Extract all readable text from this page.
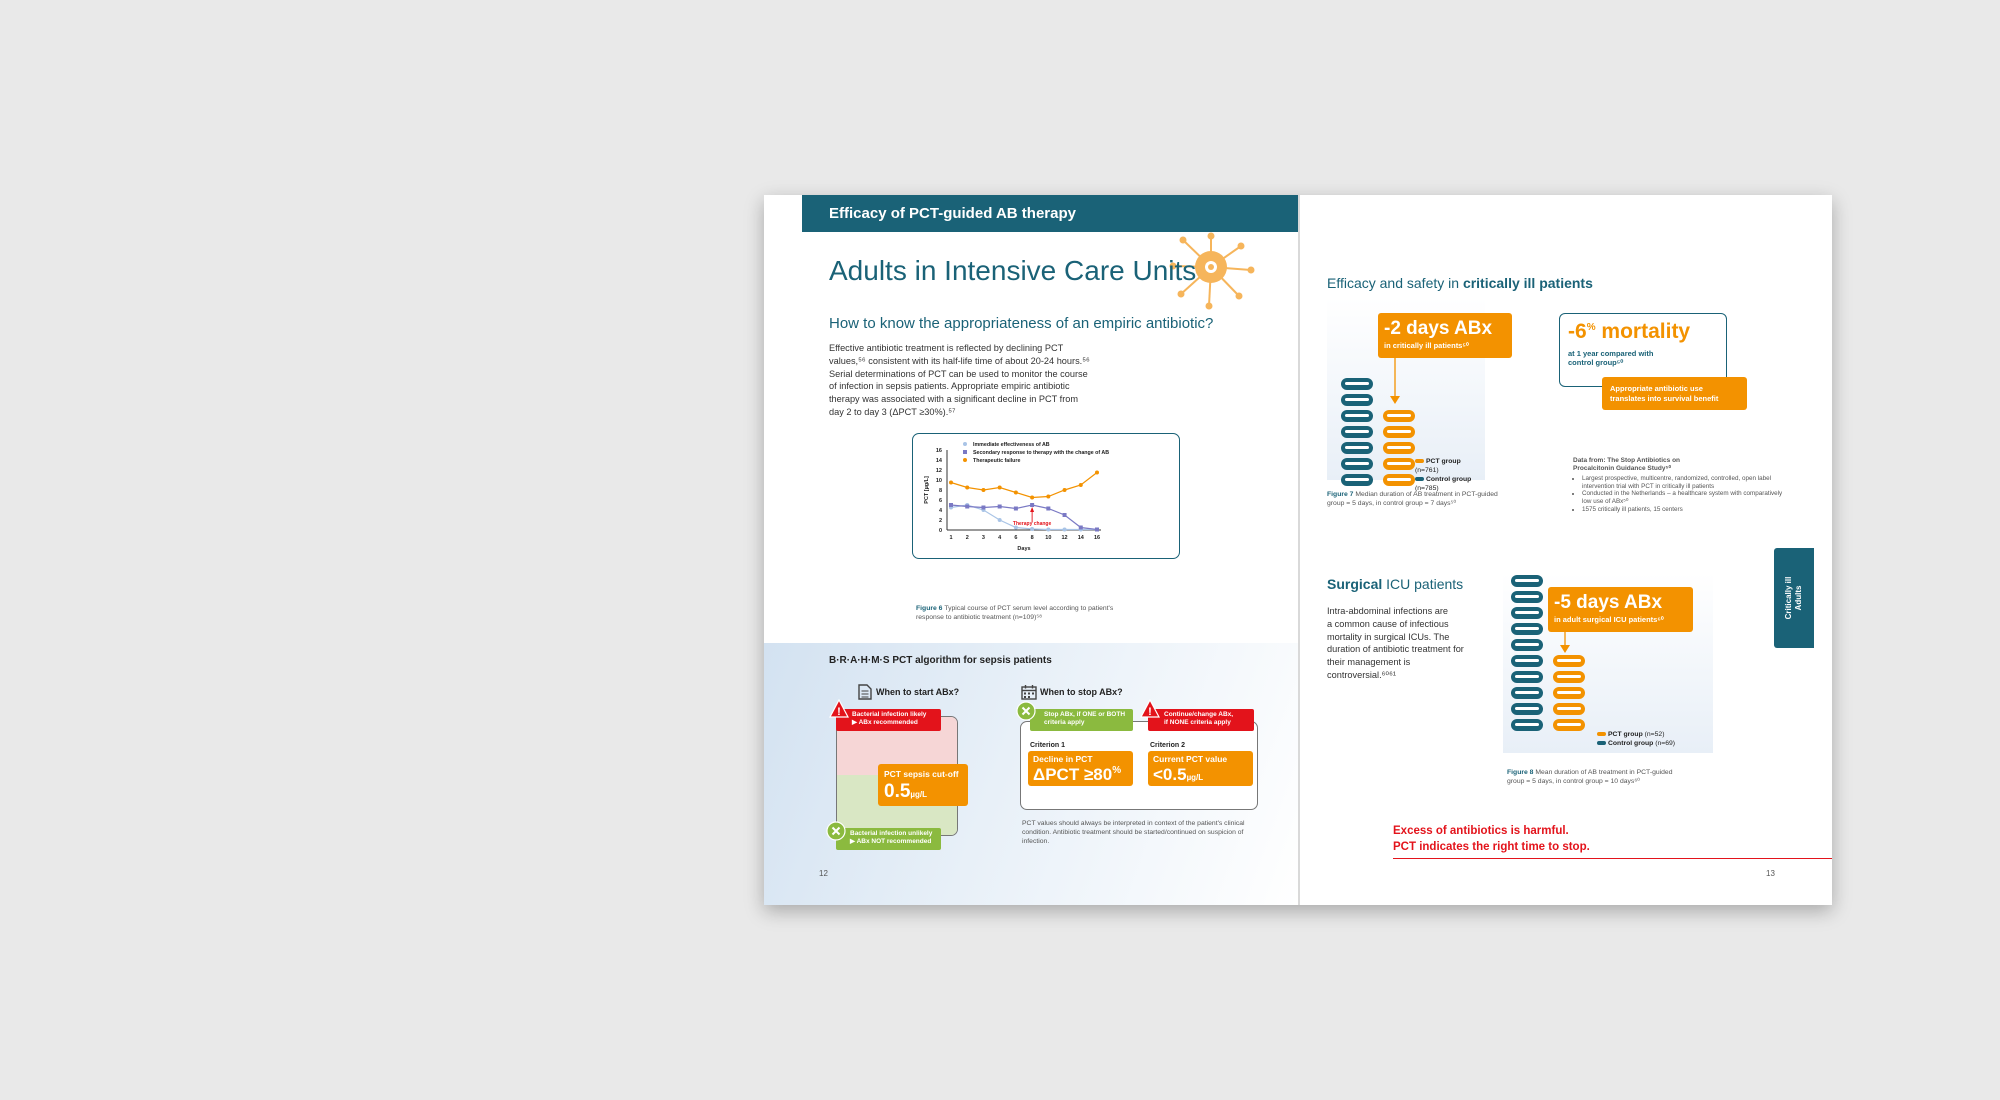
Efficacy of PCT-guided AB therapy
Adults in Intensive Care Units
How to know the appropriateness of an empiric antibiotic?
Effective antibiotic treatment is reflected by declining PCT
values,⁵⁶ consistent with its half-life time of about 20-24 hours.⁵⁶
Serial determinations of PCT can be used to monitor the course
of infection in sepsis patients. Appropriate empiric antibiotic
therapy was associated with a significant decline in PCT from
day 2 to day 3 (ΔPCT ≥30%).⁵⁷
0
2
4
6
8
10
12
14
16
1 2 3 4 6 8 10 12 14 16
Days
PCT [µg/L]
Immediate effectiveness of AB
Secondary response to therapy with the change of AB
Therapeutic failure
Therapy change
Figure 6 Typical course of PCT serum level according to patient's
response to antibiotic treatment (n=109)⁵⁸
B·R·A·H·M·S PCT algorithm for sepsis patients
When to start ABx?
Bacterial infection likely
▶ ABx recommended
!
PCT sepsis cut-off
0.5µg/L
Bacterial infection unlikely
▶ ABx NOT recommended
When to stop ABx?
Stop ABx, if ONE or BOTH
criteria apply
Continue/change ABx,
if NONE criteria apply
!
Criterion 1
Decline in PCT
ΔPCT ≥80%
Criterion 2
Current PCT value
<0.5µg/L
PCT values should always be interpreted in context of the patient's clinical
condition. Antibiotic treatment should be started/continued on suspicion of
infection.
12
Efficacy and safety in critically ill patients
PCT group (n=761)
Control group (n=785)
-2 days ABx
in critically ill patients⁵⁰
-6% mortality
at 1 year compared with
control group⁵⁰
Appropriate antibiotic use
translates into survival benefit
Data from: The Stop Antibiotics on
Procalcitonin Guidance Study⁵⁰
• Largest prospective, multicentre, randomized, controlled, open label intervention trial with PCT in critically ill patients
• Conducted in the Netherlands – a healthcare system with comparatively low use of ABx⁵⁰
• 1575 critically ill patients, 15 centers
Figure 7 Median duration of AB treatment in PCT-guided
group = 5 days, in control group = 7 days⁵⁰
Surgical ICU patients
Intra-abdominal infections are
a common cause of infectious
mortality in surgical ICUs. The
duration of antibiotic treatment for
their management is controversial.⁶⁰⁶¹
PCT group (n=52)
Control group (n=69)
-5 days ABx
in adult surgical ICU patients⁶⁰
Figure 8 Mean duration of AB treatment in PCT-guided
group = 5 days, in control group = 10 days⁶⁰
Excess of antibiotics is harmful.
PCT indicates the right time to stop.
13
Critically ill Adults
